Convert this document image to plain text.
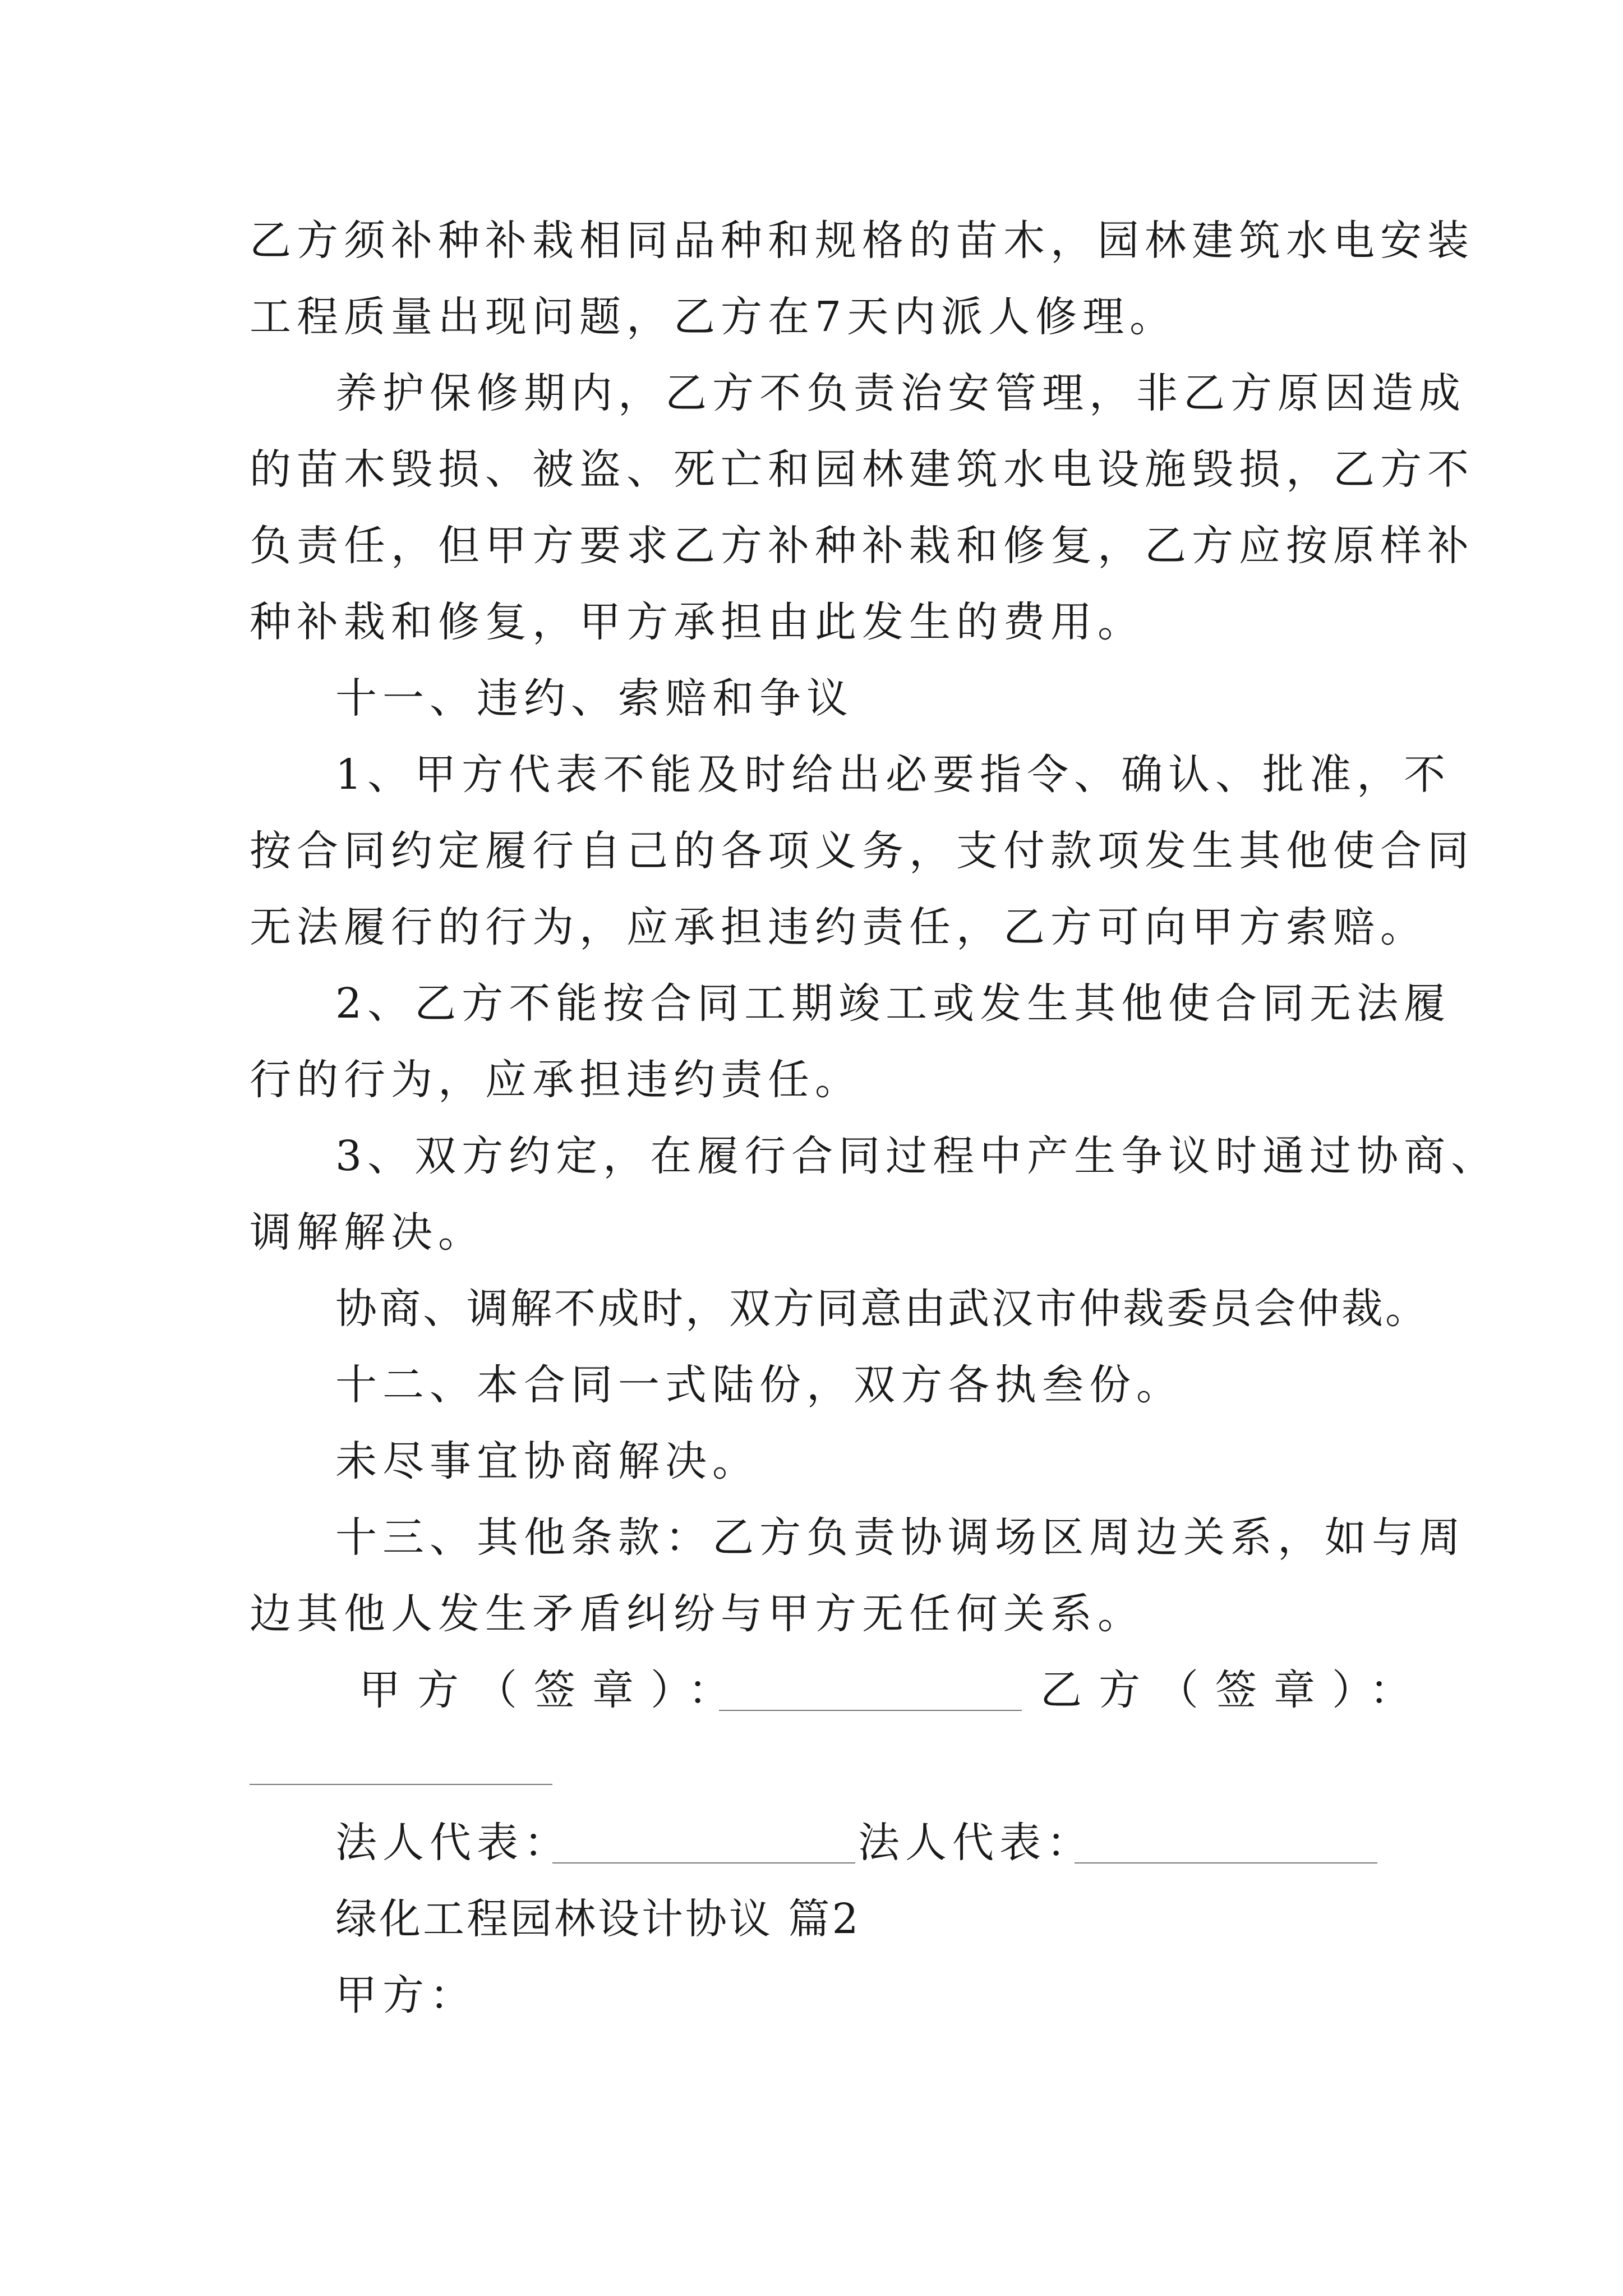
乙方须补种补栽相同品种和规格的苗木，园林建筑水电安装
工程质量出现问题，乙方在7天内派人修理。
养护保修期内，乙方不负责治安管理，非乙方原因造成
的苗木毁损、被盗、死亡和园林建筑水电设施毁损，乙方不
负责任，但甲方要求乙方补种补栽和修复，乙方应按原样补
种补栽和修复，甲方承担由此发生的费用。
十一、违约、索赔和争议
1、甲方代表不能及时给出必要指令、确认、批准，不
按合同约定履行自己的各项义务，支付款项发生其他使合同
无法履行的行为，应承担违约责任，乙方可向甲方索赔。
2、乙方不能按合同工期竣工或发生其他使合同无法履
行的行为，应承担违约责任。
3、双方约定，在履行合同过程中产生争议时通过协商、
调解解决。
协商、调解不成时，双方同意由武汉市仲裁委员会仲裁。
十二、本合同一式陆份，双方各执叁份。
未尽事宜协商解决。
十三、其他条款：乙方负责协调场区周边关系，如与周
边其他人发生矛盾纠纷与甲方无任何关系。
甲方（签章）：	乙方（签章）：
法人代表：	法人代表：
绿化工程园林设计协议 篇2
甲方：
